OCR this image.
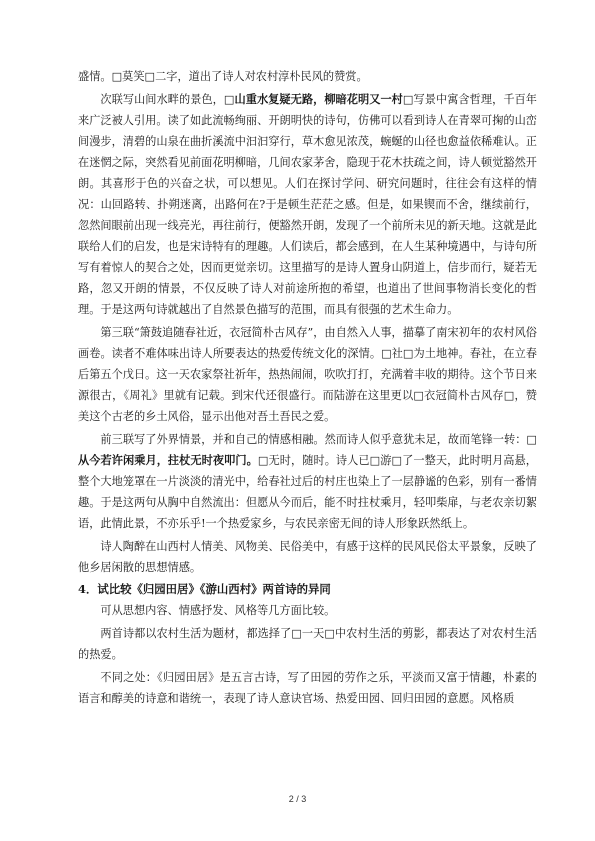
盛情。□莫笑□二字，道出了诗人对农村淳朴民风的赞赏。

次联写山间水畔的景色，□山重水复疑无路，柳暗花明又一村□写景中寓含哲理，千百年来广泛被人引用。读了如此流畅绚丽、开朗明快的诗句，仿佛可以看到诗人在青翠可掬的山峦间漫步，清碧的山泉在曲折溪流中汩汩穿行，草木愈见浓茂，蜿蜒的山径也愈益依稀难认。正在迷惘之际，突然看见前面花明柳暗，几间农家茅舍，隐现于花木扶疏之间，诗人顿觉豁然开朗。其喜形于色的兴奋之状，可以想见。人们在探讨学问、研究问题时，往往会有这样的情况：山回路转、扑朔迷离，出路何在?于是顿生茫茫之感。但是，如果锲而不舍，继续前行，忽然间眼前出现一线亮光，再往前行，便豁然开朗，发现了一个前所未见的新天地。这就是此联给人们的启发，也是宋诗特有的理趣。人们读后，都会感到，在人生某种境遇中，与诗句所写有着惊人的契合之处，因而更觉亲切。这里描写的是诗人置身山阴道上，信步而行，疑若无路，忽又开朗的情景，不仅反映了诗人对前途所抱的希望，也道出了世间事物消长变化的哲理。于是这两句诗就越出了自然景色描写的范围，而具有很强的艺术生命力。

第三联“箫鼓追随春社近，衣冠简朴古风存”，由自然入人事，描摹了南宋初年的农村风俗画卷。读者不难体味出诗人所要表达的热爱传统文化的深情。□社□为土地神。春社，在立春后第五个戊日。这一天农家祭社祈年，热热闹闹，吹吹打打，充满着丰收的期待。这个节日来源很古，《周礼》里就有记载。到宋代还很盛行。而陆游在这里更以□衣冠简朴古风存□，赞美这个古老的乡土风俗，显示出他对吾土吾民之爱。

前三联写了外界情景，并和自己的情感相融。然而诗人似乎意犹未足，故而笔锋一转：□从今若许闲乘月，拄杖无时夜叩门。□无时，随时。诗人已□游□了一整天，此时明月高悬，整个大地笼罩在一片淡淡的清光中，给春社过后的村庄也染上了一层静谧的色彩，别有一番情趣。于是这两句从胸中自然流出：但愿从今而后，能不时拄杖乘月，轻叩柴扉，与老农亲切絮语，此情此景，不亦乐乎!一个热爱家乡，与农民亲密无间的诗人形象跃然纸上。

诗人陶醉在山西村人情美、风物美、民俗美中，有感于这样的民风民俗太平景象，反映了他乡居闲散的思想情感。

4．试比较《归园田居》《游山西村》两首诗的异同

可从思想内容、情感抒发、风格等几方面比较。

两首诗都以农村生活为题材，都选择了□一天□中农村生活的剪影，都表达了对农村生活的热爱。

不同之处：《归园田居》是五言古诗，写了田园的劳作之乐，平淡而又富于情趣，朴素的语言和醇美的诗意和谐统一，表现了诗人意诀官场、热爱田园、回归田园的意愿。风格质

2 / 3
